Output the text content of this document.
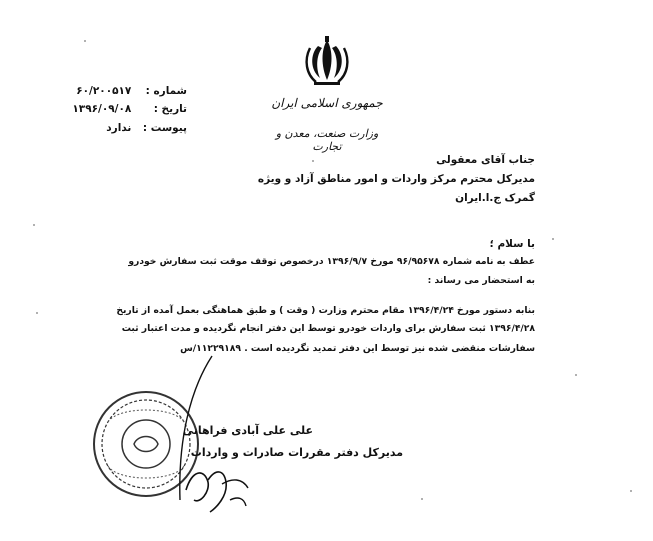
جمهوری اسلامی ایران
وزارت صنعت، معدن و تجارت
شماره : ۶۰/۲۰۰۵۱۷
تاریخ : ۱۳۹۶/۰۹/۰۸
پیوست : ندارد
جناب آقای معقولی
مدیرکل محترم مرکز واردات و امور مناطق آزاد و ویژه
گمرک ج.ا.ایران
با سلام ؛
عطف به نامه شماره ۹۶/۹۵۶۷۸ مورخ ۱۳۹۶/۹/۷ درخصوص توقف موقت ثبت سفارش خودرو
به استحضار می رساند :
بنابه دستور مورخ ۱۳۹۶/۴/۲۴ مقام محترم وزارت ( وقت ) و طبق هماهنگی بعمل آمده از تاریخ
۱۳۹۶/۴/۲۸ ثبت سفارش برای واردات خودرو توسط این دفتر انجام نگردیده و مدت اعتبار ثبت
سفارشات منقضی شده نیز توسط این دفتر تمدید نگردیده است . ۱۱۲۲۹۱۸۹/س
علی علی آبادی فراهانی
مدیرکل دفتر مقررات صادرات و واردات
